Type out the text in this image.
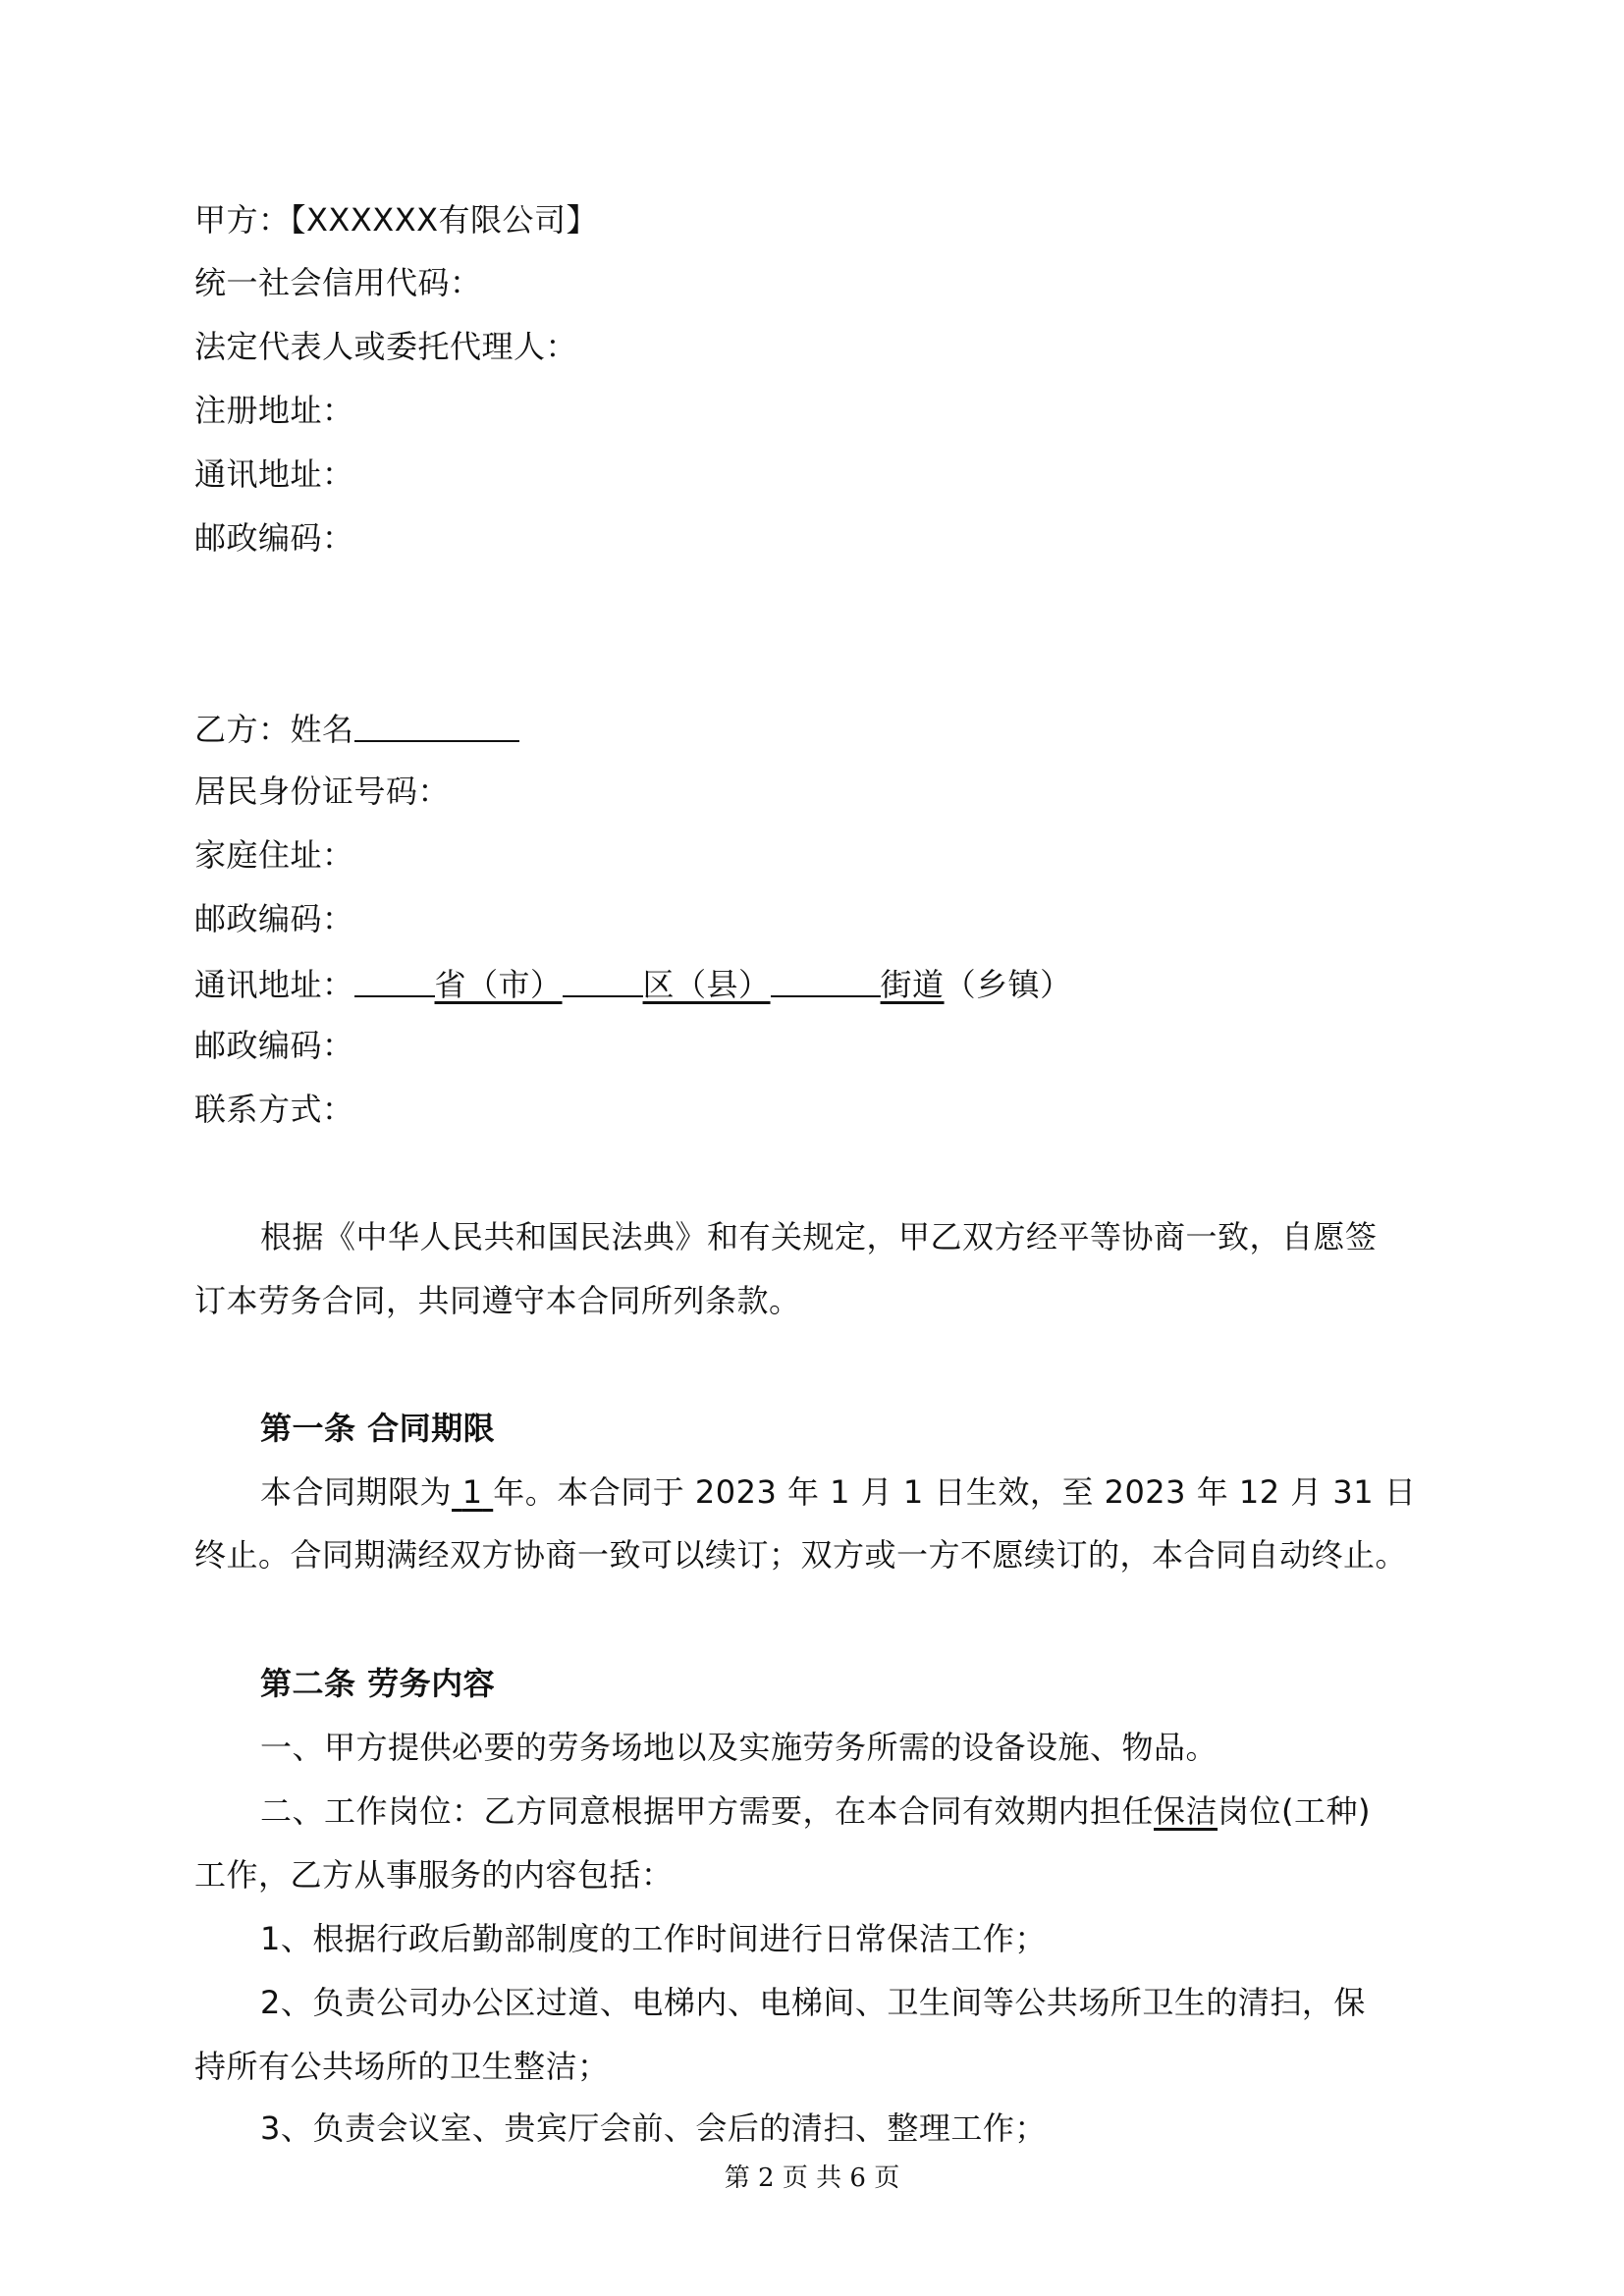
甲方：【XXXXXX有限公司】
统一社会信用代码：
法定代表人或委托代理人：
注册地址：
通讯地址：
邮政编码：
乙方：姓名
居民身份证号码：
家庭住址：
邮政编码：
通讯地址：	省（市）	区（县）	街道（乡镇）
邮政编码：
联系方式：
根据《中华人民共和国民法典》和有关规定，甲乙双方经平等协商一致，自愿签
订本劳务合同，共同遵守本合同所列条款。
第一条 合同期限
本合同期限为 1 年。本合同于 2023 年 1 月 1 日生效，至 2023 年 12 月 31 日
终止。合同期满经双方协商一致可以续订；双方或一方不愿续订的，本合同自动终止。
第二条 劳务内容
一、甲方提供必要的劳务场地以及实施劳务所需的设备设施、物品。
二、工作岗位：乙方同意根据甲方需要，在本合同有效期内担任保洁岗位(工种)
工作，乙方从事服务的内容包括：
1、根据行政后勤部制度的工作时间进行日常保洁工作；
2、负责公司办公区过道、电梯内、电梯间、卫生间等公共场所卫生的清扫，保
持所有公共场所的卫生整洁；
3、负责会议室、贵宾厅会前、会后的清扫、整理工作；
第 2 页 共 6 页
